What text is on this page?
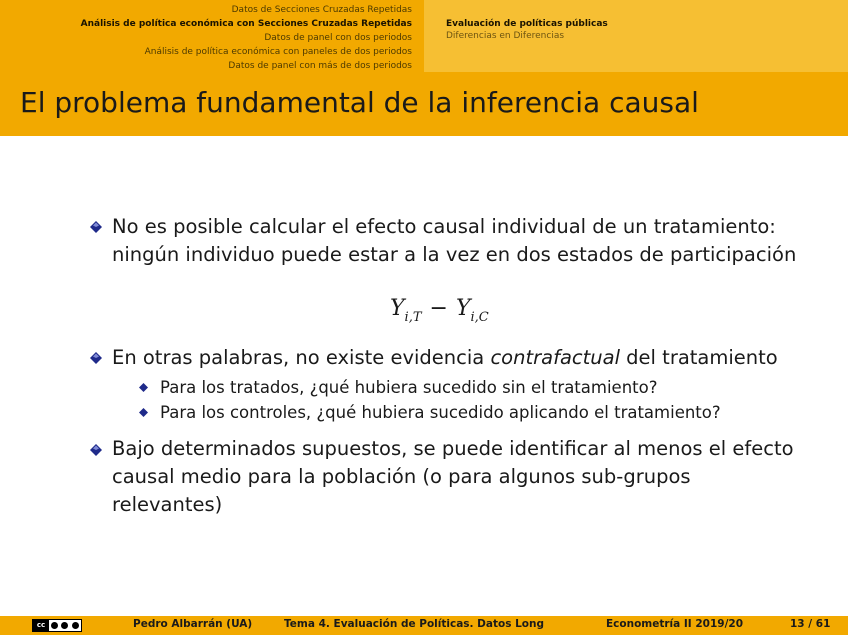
Datos de Secciones Cruzadas Repetidas
Análisis de política económica con Secciones Cruzadas Repetidas
Datos de panel con dos periodos
Análisis de política económica con paneles de dos periodos
Datos de panel con más de dos periodos
Evaluación de políticas públicas
Diferencias en Diferencias
El problema fundamental de la inferencia causal
No es posible calcular el efecto causal individual de un tratamiento:
ningún individuo puede estar a la vez en dos estados de participación
$Y_{i,T} - Y_{i,C}$
En otras palabras, no existe evidencia contrafactual del tratamiento
Para los tratados, ¿qué hubiera sucedido sin el tratamiento?
Para los controles, ¿qué hubiera sucedido aplicando el tratamiento?
Bajo determinados supuestos, se puede identificar al menos el efecto
causal medio para la población (o para algunos sub-grupos
relevantes)
cc	Pedro Albarrán (UA)	Tema 4. Evaluación de Políticas. Datos Long	Econometría II 2019/20	13 / 61
